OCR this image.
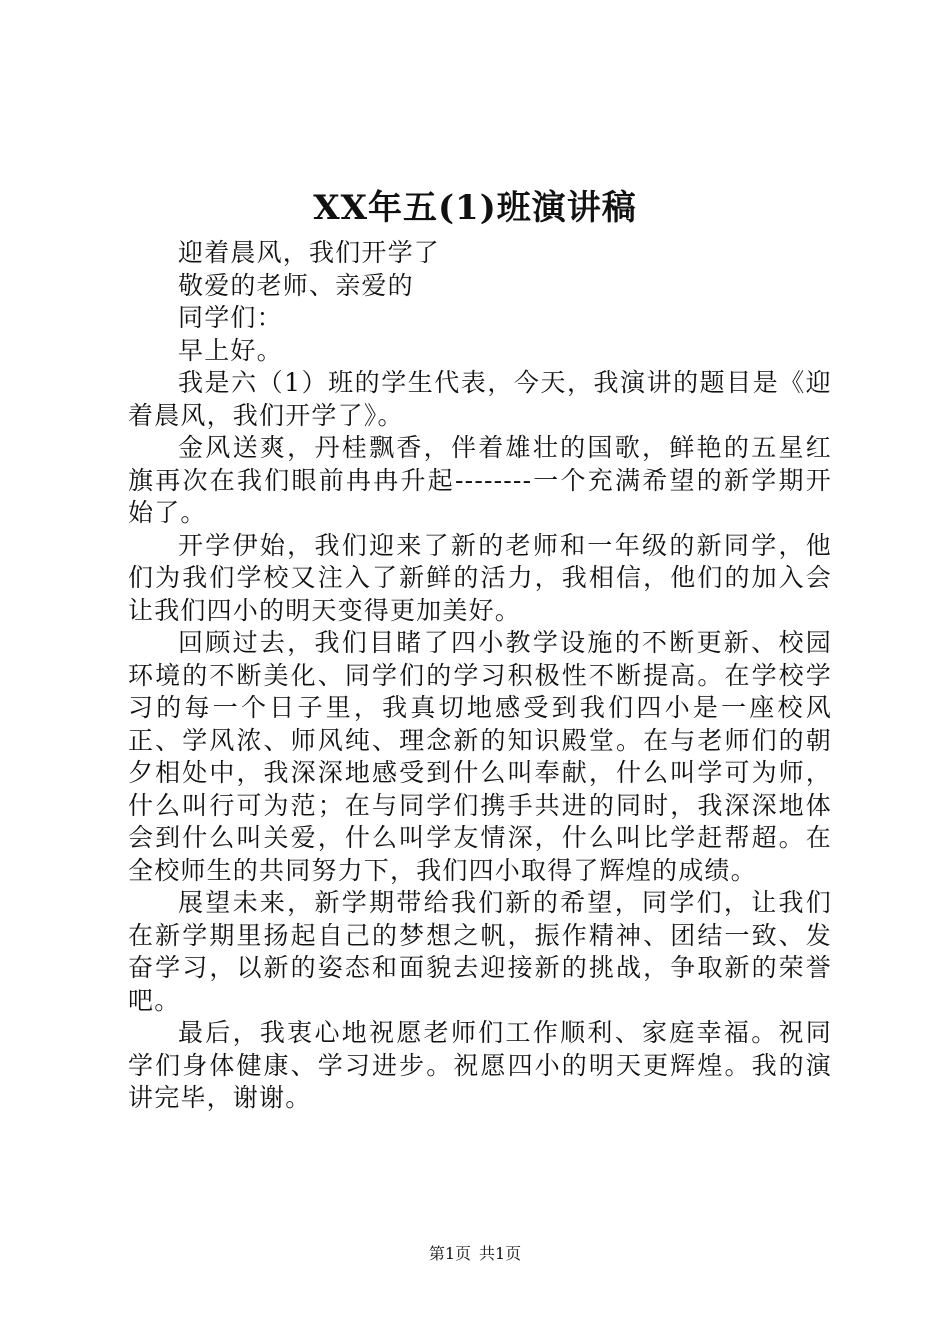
XX年五(1)班演讲稿

迎着晨风，我们开学了

敬爱的老师、亲爱的

同学们：

早上好。

我是六（1）班的学生代表，今天，我演讲的题目是《迎着晨风，我们开学了》。

金风送爽，丹桂飘香，伴着雄壮的国歌，鲜艳的五星红旗再次在我们眼前冉冉升起--------一个充满希望的新学期开始了。

开学伊始，我们迎来了新的老师和一年级的新同学，他们为我们学校又注入了新鲜的活力，我相信，他们的加入会让我们四小的明天变得更加美好。

回顾过去，我们目睹了四小教学设施的不断更新、校园环境的不断美化、同学们的学习积极性不断提高。在学校学习的每一个日子里，我真切地感受到我们四小是一座校风正、学风浓、师风纯、理念新的知识殿堂。在与老师们的朝夕相处中，我深深地感受到什么叫奉献，什么叫学可为师，什么叫行可为范；在与同学们携手共进的同时，我深深地体会到什么叫关爱，什么叫学友情深，什么叫比学赶帮超。在全校师生的共同努力下，我们四小取得了辉煌的成绩。

展望未来，新学期带给我们新的希望，同学们，让我们在新学期里扬起自己的梦想之帆，振作精神、团结一致、发奋学习，以新的姿态和面貌去迎接新的挑战，争取新的荣誉吧。

最后，我衷心地祝愿老师们工作顺利、家庭幸福。祝同学们身体健康、学习进步。祝愿四小的明天更辉煌。我的演讲完毕，谢谢。

第1页 共1页
